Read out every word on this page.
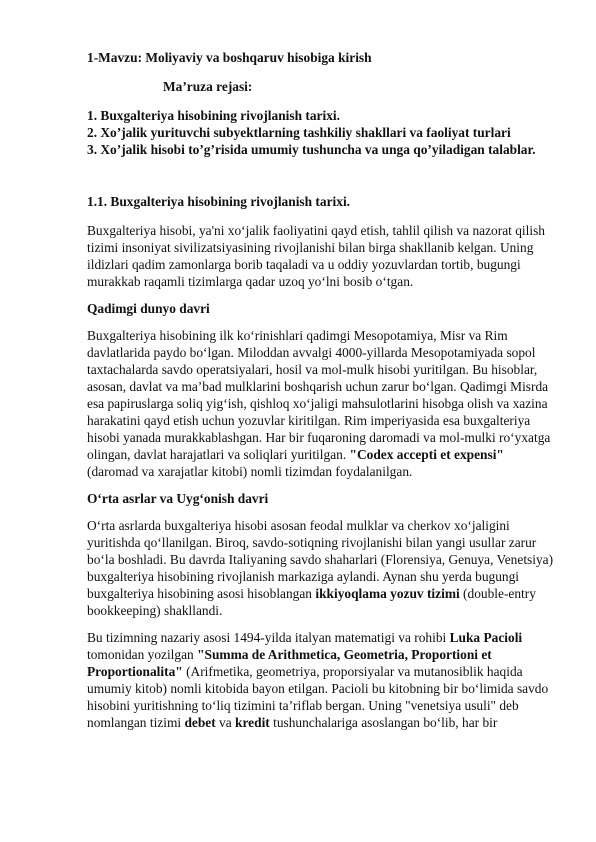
1-Mavzu: Moliyaviy va boshqaruv hisobiga kirish

Ma’ruza rejasi:

1. Buxgalteriya hisobining rivojlanish tarixi.

2. Xo’jalik yurituvchi subyektlarning tashkiliy shakllari va faoliyat turlari

3. Xo’jalik hisobi to’g’risida umumiy tushuncha va unga qo’yiladigan talablar.

1.1. Buxgalteriya hisobining rivojlanish tarixi.

Buxgalteriya hisobi, ya'ni xo‘jalik faoliyatini qayd etish, tahlil qilish va nazorat qilish tizimi insoniyat sivilizatsiyasining rivojlanishi bilan birga shakllanib kelgan. Uning ildizlari qadim zamonlarga borib taqaladi va u oddiy yozuvlardan tortib, bugungi murakkab raqamli tizimlarga qadar uzoq yo‘lni bosib o‘tgan.

Qadimgi dunyo davri

Buxgalteriya hisobining ilk ko‘rinishlari qadimgi Mesopotamiya, Misr va Rim davlatlarida paydo bo‘lgan. Miloddan avvalgi 4000-yillarda Mesopotamiyada sopol taxtachalarda savdo operatsiyalari, hosil va mol-mulk hisobi yuritilgan. Bu hisoblar, asosan, davlat va ma’bad mulklarini boshqarish uchun zarur bo‘lgan. Qadimgi Misrda esa papiruslarga soliq yig‘ish, qishloq xo‘jaligi mahsulotlarini hisobga olish va xazina harakatini qayd etish uchun yozuvlar kiritilgan. Rim imperiyasida esa buxgalteriya hisobi yanada murakkablashgan. Har bir fuqaroning daromadi va mol-mulki ro‘yxatga olingan, davlat harajatlari va soliqlari yuritilgan. "Codex accepti et expensi" (daromad va xarajatlar kitobi) nomli tizimdan foydalanilgan.

O‘rta asrlar va Uyg‘onish davri

O‘rta asrlarda buxgalteriya hisobi asosan feodal mulklar va cherkov xo‘jaligini yuritishda qo‘llanilgan. Biroq, savdo-sotiqning rivojlanishi bilan yangi usullar zarur bo‘la boshladi. Bu davrda Italiyaning savdo shaharlari (Florensiya, Genuya, Venetsiya) buxgalteriya hisobining rivojlanish markaziga aylandi. Aynan shu yerda bugungi buxgalteriya hisobining asosi hisoblangan ikkiyoqlama yozuv tizimi (double-entry bookkeeping) shakllandi.

Bu tizimning nazariy asosi 1494-yilda italyan matematigi va rohibi Luka Pacioli tomonidan yozilgan "Summa de Arithmetica, Geometria, Proportioni et Proportionalita" (Arifmetika, geometriya, proporsiyalar va mutanosiblik haqida umumiy kitob) nomli kitobida bayon etilgan. Pacioli bu kitobning bir bo‘limida savdo hisobini yuritishning to‘liq tizimini ta’riflab bergan. Uning "venetsiya usuli" deb nomlangan tizimi debet va kredit tushunchalariga asoslangan bo‘lib, har bir
